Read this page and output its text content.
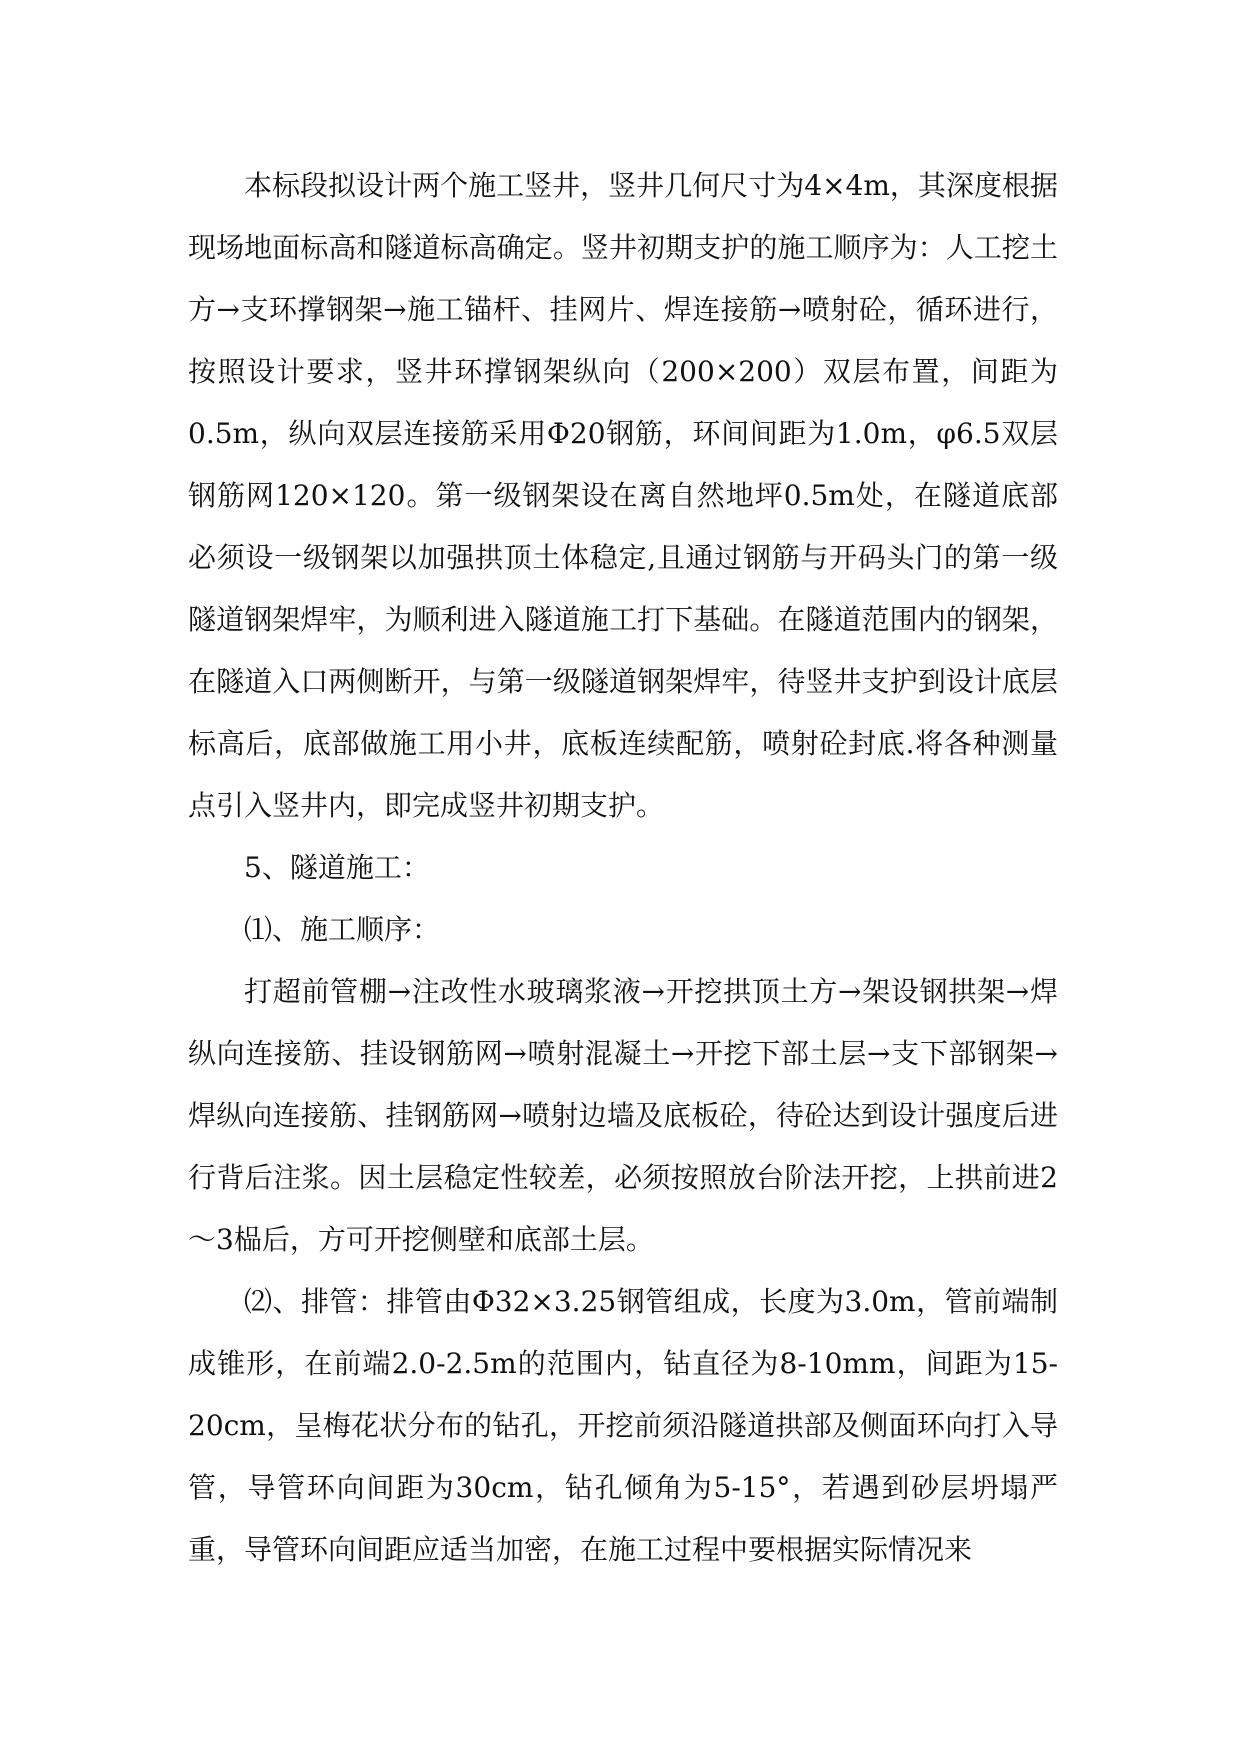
本标段拟设计两个施工竖井，竖井几何尺寸为4×4m，其深度根据现场地面标高和隧道标高确定。竖井初期支护的施工顺序为：人工挖土方→支环撑钢架→施工锚杆、挂网片、焊连接筋→喷射砼，循环进行，按照设计要求，竖井环撑钢架纵向（200×200）双层布置，间距为0.5m，纵向双层连接筋采用Φ20钢筋，环间间距为1.0m，φ6.5双层钢筋网120×120。第一级钢架设在离自然地坪0.5m处，在隧道底部必须设一级钢架以加强拱顶土体稳定,且通过钢筋与开码头门的第一级隧道钢架焊牢，为顺利进入隧道施工打下基础。在隧道范围内的钢架，在隧道入口两侧断开，与第一级隧道钢架焊牢，待竖井支护到设计底层标高后，底部做施工用小井，底板连续配筋，喷射砼封底.将各种测量点引入竖井内，即完成竖井初期支护。

5、隧道施工：

⑴、施工顺序：

打超前管棚→注改性水玻璃浆液→开挖拱顶土方→架设钢拱架→焊纵向连接筋、挂设钢筋网→喷射混凝土→开挖下部土层→支下部钢架→焊纵向连接筋、挂钢筋网→喷射边墙及底板砼，待砼达到设计强度后进行背后注浆。因土层稳定性较差，必须按照放台阶法开挖，上拱前进2～3榀后，方可开挖侧壁和底部土层。

⑵、排管：排管由Φ32×3.25钢管组成，长度为3.0m，管前端制成锥形，在前端2.0-2.5m的范围内，钻直径为8-10mm，间距为15-20cm，呈梅花状分布的钻孔，开挖前须沿隧道拱部及侧面环向打入导管，导管环向间距为30cm，钻孔倾角为5-15°，若遇到砂层坍塌严重，导管环向间距应适当加密，在施工过程中要根据实际情况来
